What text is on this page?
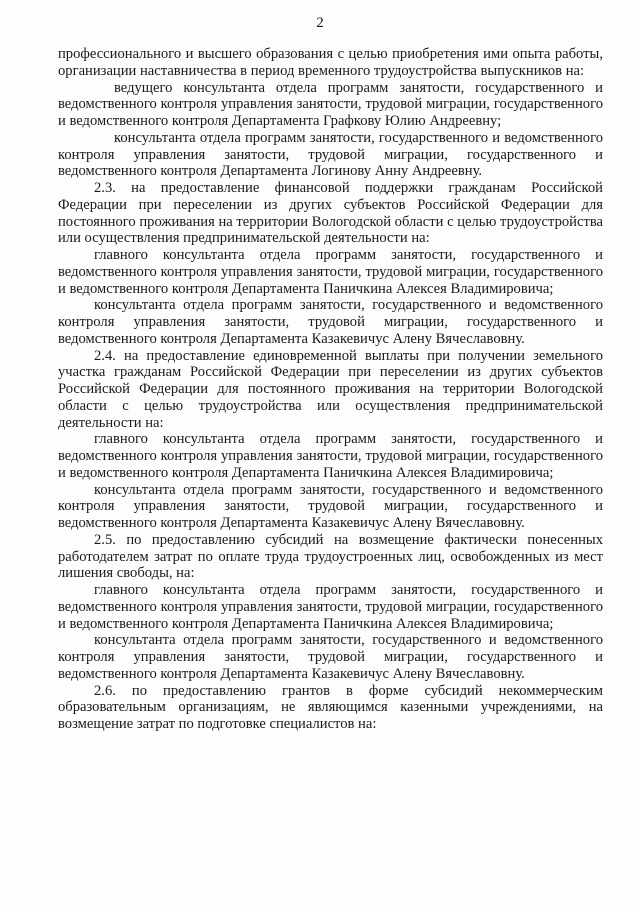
2

профессионального и высшего образования с целью приобретения ими опыта работы, организации наставничества в период временного трудоустройства выпускников на:

ведущего консультанта отдела программ занятости, государственного и ведомственного контроля управления занятости, трудовой миграции, государственного и ведомственного контроля Департамента Графкову Юлию Андреевну;

консультанта отдела программ занятости, государственного и ведомственного контроля управления занятости, трудовой миграции, государственного и ведомственного контроля Департамента Логинову Анну Андреевну.

2.3. на предоставление финансовой поддержки гражданам Российской Федерации при переселении из других субъектов Российской Федерации для постоянного проживания на территории Вологодской области с целью трудоустройства или осуществления предпринимательской деятельности на:

главного консультанта отдела программ занятости, государственного и ведомственного контроля управления занятости, трудовой миграции, государственного и ведомственного контроля Департамента Паничкина Алексея Владимировича;

консультанта отдела программ занятости, государственного и ведомственного контроля управления занятости, трудовой миграции, государственного и ведомственного контроля Департамента Казакевичус Алену Вячеславовну.

2.4. на предоставление единовременной выплаты при получении земельного участка гражданам Российской Федерации при переселении из других субъектов Российской Федерации для постоянного проживания на территории Вологодской области с целью трудоустройства или осуществления предпринимательской деятельности на:

главного консультанта отдела программ занятости, государственного и ведомственного контроля управления занятости, трудовой миграции, государственного и ведомственного контроля Департамента Паничкина Алексея Владимировича;

консультанта отдела программ занятости, государственного и ведомственного контроля управления занятости, трудовой миграции, государственного и ведомственного контроля Департамента Казакевичус Алену Вячеславовну.

2.5. по предоставлению субсидий на возмещение фактически понесенных работодателем затрат по оплате труда трудоустроенных лиц, освобожденных из мест лишения свободы, на:

главного консультанта отдела программ занятости, государственного и ведомственного контроля управления занятости, трудовой миграции, государственного и ведомственного контроля Департамента Паничкина Алексея Владимировича;

консультанта отдела программ занятости, государственного и ведомственного контроля управления занятости, трудовой миграции, государственного и ведомственного контроля Департамента Казакевичус Алену Вячеславовну.

2.6. по предоставлению грантов в форме субсидий некоммерческим образовательным организациям, не являющимся казенными учреждениями, на возмещение затрат по подготовке специалистов на:
